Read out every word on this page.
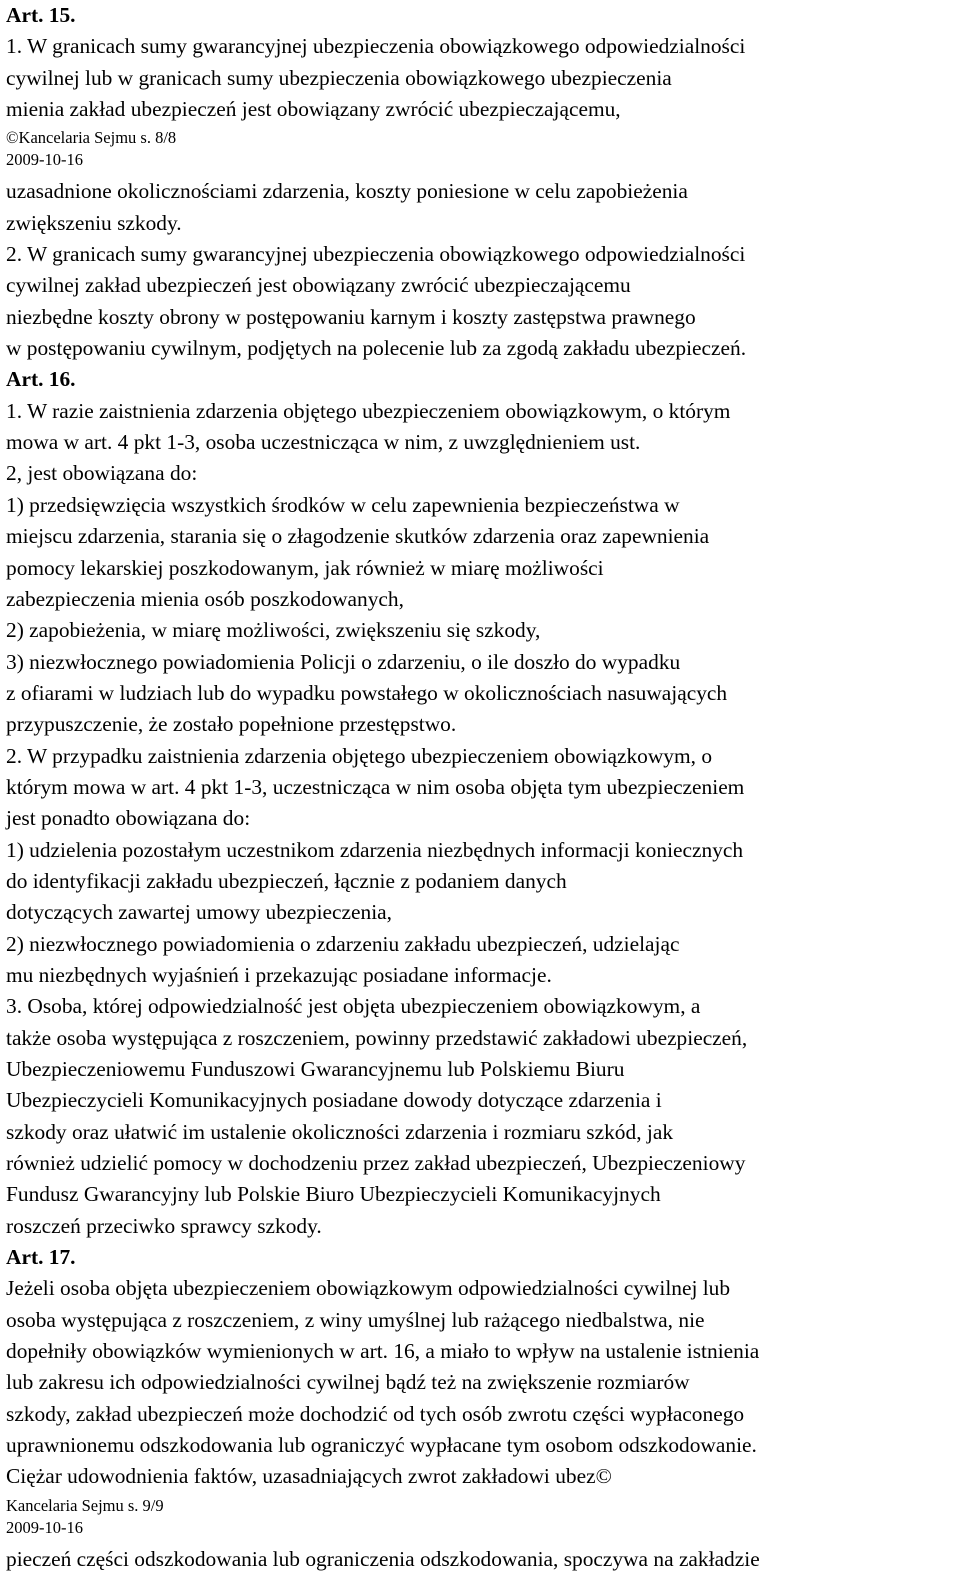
Art. 15.
1. W granicach sumy gwarancyjnej ubezpieczenia obowiązkowego odpowiedzialności
cywilnej lub w granicach sumy ubezpieczenia obowiązkowego ubezpieczenia
mienia zakład ubezpieczeń jest obowiązany zwrócić ubezpieczającemu,
©Kancelaria Sejmu s. 8/8
2009-10-16
uzasadnione okolicznościami zdarzenia, koszty poniesione w celu zapobieżenia
zwiększeniu szkody.
2. W granicach sumy gwarancyjnej ubezpieczenia obowiązkowego odpowiedzialności
cywilnej zakład ubezpieczeń jest obowiązany zwrócić ubezpieczającemu
niezbędne koszty obrony w postępowaniu karnym i koszty zastępstwa prawnego
w postępowaniu cywilnym, podjętych na polecenie lub za zgodą zakładu ubezpieczeń.
Art. 16.
1. W razie zaistnienia zdarzenia objętego ubezpieczeniem obowiązkowym, o którym
mowa w art. 4 pkt 1-3, osoba uczestnicząca w nim, z uwzględnieniem ust.
2, jest obowiązana do:
1) przedsięwzięcia wszystkich środków w celu zapewnienia bezpieczeństwa w
miejscu zdarzenia, starania się o złagodzenie skutków zdarzenia oraz zapewnienia
pomocy lekarskiej poszkodowanym, jak również w miarę możliwości
zabezpieczenia mienia osób poszkodowanych,
2) zapobieżenia, w miarę możliwości, zwiększeniu się szkody,
3) niezwłocznego powiadomienia Policji o zdarzeniu, o ile doszło do wypadku
z ofiarami w ludziach lub do wypadku powstałego w okolicznościach nasuwających
przypuszczenie, że zostało popełnione przestępstwo.
2. W przypadku zaistnienia zdarzenia objętego ubezpieczeniem obowiązkowym, o
którym mowa w art. 4 pkt 1-3, uczestnicząca w nim osoba objęta tym ubezpieczeniem
jest ponadto obowiązana do:
1) udzielenia pozostałym uczestnikom zdarzenia niezbędnych informacji koniecznych
do identyfikacji zakładu ubezpieczeń, łącznie z podaniem danych
dotyczących zawartej umowy ubezpieczenia,
2) niezwłocznego powiadomienia o zdarzeniu zakładu ubezpieczeń, udzielając
mu niezbędnych wyjaśnień i przekazując posiadane informacje.
3. Osoba, której odpowiedzialność jest objęta ubezpieczeniem obowiązkowym, a
także osoba występująca z roszczeniem, powinny przedstawić zakładowi ubezpieczeń,
Ubezpieczeniowemu Funduszowi Gwarancyjnemu lub Polskiemu Biuru
Ubezpieczycieli Komunikacyjnych posiadane dowody dotyczące zdarzenia i
szkody oraz ułatwić im ustalenie okoliczności zdarzenia i rozmiaru szkód, jak
również udzielić pomocy w dochodzeniu przez zakład ubezpieczeń, Ubezpieczeniowy
Fundusz Gwarancyjny lub Polskie Biuro Ubezpieczycieli Komunikacyjnych
roszczeń przeciwko sprawcy szkody.
Art. 17.
Jeżeli osoba objęta ubezpieczeniem obowiązkowym odpowiedzialności cywilnej lub
osoba występująca z roszczeniem, z winy umyślnej lub rażącego niedbalstwa, nie
dopełniły obowiązków wymienionych w art. 16, a miało to wpływ na ustalenie istnienia
lub zakresu ich odpowiedzialności cywilnej bądź też na zwiększenie rozmiarów
szkody, zakład ubezpieczeń może dochodzić od tych osób zwrotu części wypłaconego
uprawnionemu odszkodowania lub ograniczyć wypłacane tym osobom odszkodowanie.
Ciężar udowodnienia faktów, uzasadniających zwrot zakładowi ubez©
Kancelaria Sejmu s. 9/9
2009-10-16
pieczeń części odszkodowania lub ograniczenia odszkodowania, spoczywa na zakładzie
